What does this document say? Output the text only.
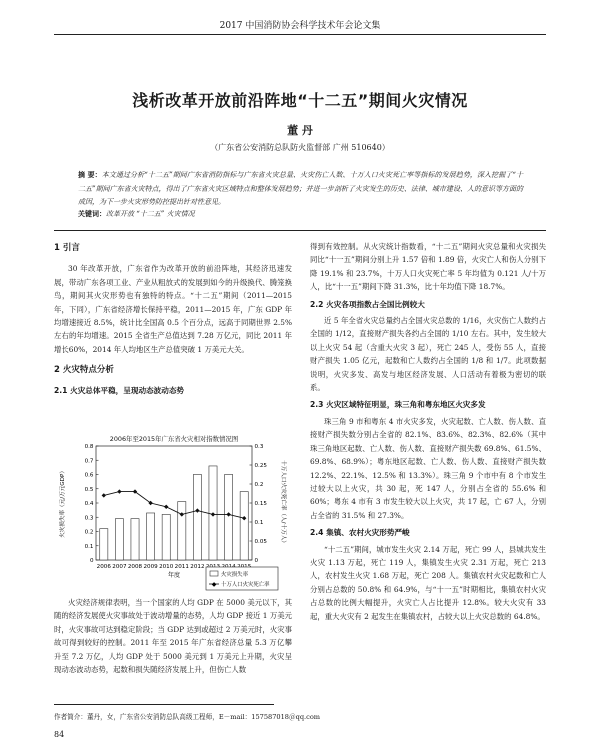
2017 中国消防协会科学技术年会论文集
浅析改革开放前沿阵地“十二五”期间火灾情况
董 丹
（广东省公安消防总队防火监督部 广州 510640）
摘 要：本文通过分析“十二五”期间广东省消防指标与广东省火灾总量、火灾伤亡人数、十万人口火灾死亡率等指标的发展趋势，深入挖掘了“十二五”期间广东省火灾特点，得出了广东省火灾区域特点和整体发展趋势；并进一步剖析了火灾发生的历史、法律、城市建设、人的意识等方面的成因，为下一步火灾形势防控提出针对性意见。
关键词：改革开放 “十二五” 火灾情况
1 引言

30 年改革开放，广东省作为改革开放的前沿阵地，其经济迅速发展，带动广东各项工业、产业从粗放式的发展到如今的升级换代、腾笼换鸟，期间其火灾形势也有独特的特点。“十二五”期间（2011—2015 年，下同），广东省经济增长保持平稳，2011—2015 年，广东 GDP 年均增速接近 8.5%，统计比全国高 0.5 个百分点，远高于同期世界 2.5% 左右的年均增速。2015 全省生产总值达到 7.28 万亿元，同比 2011 年增长60%，2014 年人均地区生产总值突破 1 万美元大关。

2 火灾特点分析
2.1 火灾总体平稳，呈现动态波动态势
2006年至2015年广东省火灾相对指数情况图
0
0.1
0.2
0.3
0.4
0.5
0.6
0.7
0.8
0
0.05
0.1
0.15
0.2
0.25
0.3
2006 2007 2008 2009 2010 2011 2012
火灾损失率（元/万元GDP）	十万人口火灾死亡率（人/十万人）
年度	火灾损失率
◆ 十万人口火灾死亡率

火灾经济规律表明，当一个国家的人均 GDP 在 5000 美元以下，其随的经济发展使火灾事故处于波动增量的态势，人均 GDP 接近 1 万美元时，火灾事故可达到稳定阶段；当 GDP 达到或超过 2 万美元时，火灾事故可得到较好的控制。2011 年至 2015 年广东省经济总量 5.3 万亿攀升至 7.2 万亿，人均 GDP 处于 5000 美元到 1 万美元上升期，火灾呈现动态波动态势，起数和损失随经济发展上升，但伤亡人数

得到有效控制。从火灾统计指数看，“十二五”期间火灾总量和火灾损失同比“十一五”期间分别上升 1.57 倍和 1.89 倍，火灾亡人和伤人分别下降 19.1% 和 23.7%，十万人口火灾死亡率 5 年均值为 0.121 人/十万人，比“十一五”期间下降 31.3%，比十年均值下降 18.7%。

2.2 火灾各项指数占全国比例较大

近 5 年全省火灾总量约占全国火灾总数的 1/16，火灾伤亡人数约占全国的 1/12，直接财产损失各约占全国的 1/10 左右。其中，发生较大以上火灾 54 起（含重大火灾 3 起），死亡 245 人，受伤 55 人，直接财产损失 1.05 亿元，起数和亡人数约占全国的 1/8 和 1/7。此项数据说明，火灾多发、高发与地区经济发展、人口活动有着极为密切的联系。

2.3 火灾区域特征明显，珠三角和粤东地区火灾多发

珠三角 9 市和粤东 4 市火灾多发，火灾起数、亡人数、伤人数、直接财产损失数分别占全省的 82.1%、83.6%、82.3%、82.6%（其中珠三角地区起数、亡人数、伤人数、直接财产损失数 69.8%、61.5%、69.8%、68.9%）；粤东地区起数、亡人数、伤人数、直接财产损失数 12.2%、22.1%、12.5% 和 13.3%）。珠三角 9 个市中有 8 个市发生过较大以上火灾，共 30 起，死 147 人，分别占全省的 55.6% 和 60%；粤东 4 市有 3 市发生较大以上火灾，共 17 起，亡 67 人，分别占全省的 31.5% 和 27.3%。

2.4 集镇、农村火灾形势严峻

“十二五”期间，城市发生火灾 2.14 万起，死亡 99 人，县城共发生火灾 1.13 万起，死亡 119 人，集镇发生火灾 2.31 万起，死亡 213 人，农村发生火灾 1.68 万起，死亡 208 人。集镇农村火灾起数和亡人分别占总数的 50.8% 和 64.9%，与“十一五”时期相比，集镇农村火灾占总数的比例大幅提升，火灾亡人占比提升 12.8%。较大火灾有 33 起，重大火灾有 2 起发生在集镇农村，占较大以上火灾总数的 64.8%。

作者简介：董丹，女，广东省公安消防总队高级工程师，E－mail：157587018＠qq.com
84
